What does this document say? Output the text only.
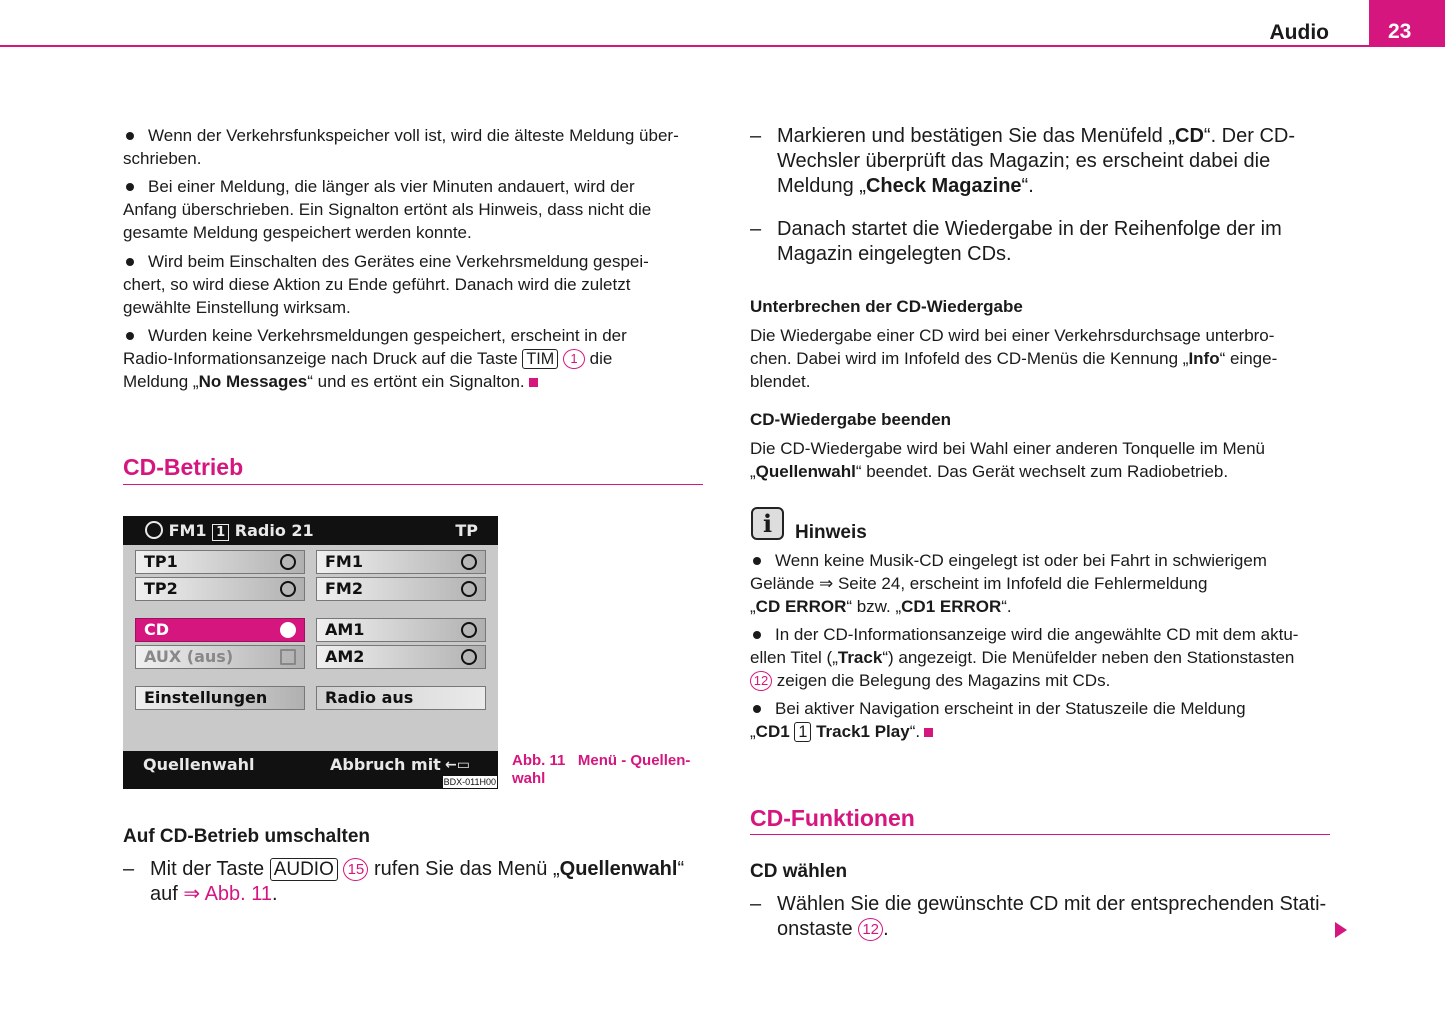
Audio	23
Wenn der Verkehrsfunkspeicher voll ist, wird die älteste Meldung über-
schrieben.
Bei einer Meldung, die länger als vier Minuten andauert, wird der
Anfang überschrieben. Ein Signalton ertönt als Hinweis, dass nicht die
gesamte Meldung gespeichert werden konnte.
Wird beim Einschalten des Gerätes eine Verkehrsmeldung gespei-
chert, so wird diese Aktion zu Ende geführt. Danach wird die zuletzt
gewählte Einstellung wirksam.
Wurden keine Verkehrsmeldungen gespeichert, erscheint in der
Radio-Informationsanzeige nach Druck auf die Taste TIM 1 die
Meldung „No Messages“ und es ertönt ein Signalton.
CD-Betrieb
FM1 1 Radio 21	TP
TP1	FM1
TP2	FM2
CD	AM1
AUX (aus)	AM2
Einstellungen	Radio aus
Quellenwahl	Abbruch mit ←▭
BDX-011H00
Abb. 11 Menü - Quellen-
wahl
Auf CD-Betrieb umschalten
– Mit der Taste AUDIO 15 rufen Sie das Menü „Quellenwahl“
auf ⇒ Abb. 11.
– Markieren und bestätigen Sie das Menüfeld „CD“. Der CD-
Wechsler überprüft das Magazin; es erscheint dabei die
Meldung „Check Magazine“.
– Danach startet die Wiedergabe in der Reihenfolge der im
Magazin eingelegten CDs.
Unterbrechen der CD-Wiedergabe
Die Wiedergabe einer CD wird bei einer Verkehrsdurchsage unterbro-
chen. Dabei wird im Infofeld des CD-Menüs die Kennung „Info“ einge-
blendet.
CD-Wiedergabe beenden
Die CD-Wiedergabe wird bei Wahl einer anderen Tonquelle im Menü
„Quellenwahl“ beendet. Das Gerät wechselt zum Radiobetrieb.
i	Hinweis
Wenn keine Musik-CD eingelegt ist oder bei Fahrt in schwierigem
Gelände ⇒ Seite 24, erscheint im Infofeld die Fehlermeldung
„CD ERROR“ bzw. „CD1 ERROR“.
In der CD-Informationsanzeige wird die angewählte CD mit dem aktu-
ellen Titel („Track“) angezeigt. Die Menüfelder neben den Stationstasten
12 zeigen die Belegung des Magazins mit CDs.
Bei aktiver Navigation erscheint in der Statuszeile die Meldung
„CD1 1 Track1 Play“.
CD-Funktionen
CD wählen
– Wählen Sie die gewünschte CD mit der entsprechenden Stati-
onstaste 12 .
